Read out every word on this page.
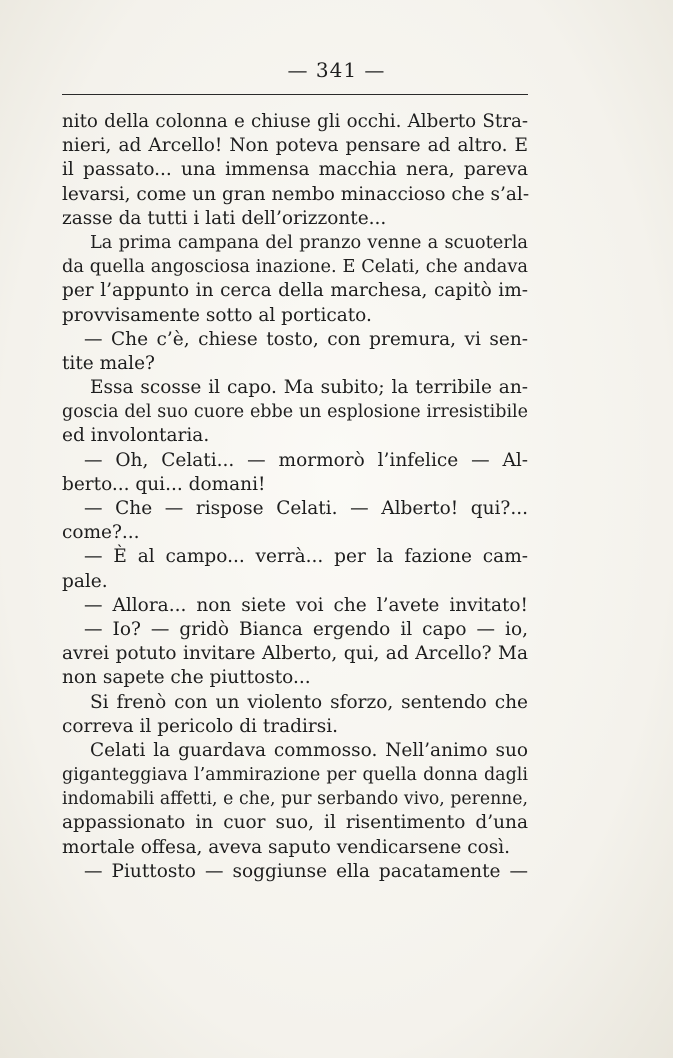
— 341 —
nito della colonna e chiuse gli occhi. Alberto Stra-
nieri, ad Arcello! Non poteva pensare ad altro. E
il passato... una immensa macchia nera, pareva
levarsi, come un gran nembo minaccioso che s’al-
zasse da tutti i lati dell’orizzonte...
La prima campana del pranzo venne a scuoterla
da quella angosciosa inazione. E Celati, che andava
per l’appunto in cerca della marchesa, capitò im-
provvisamente sotto al porticato.
— Che c’è, chiese tosto, con premura, vi sen-
tite male?
Essa scosse il capo. Ma subito; la terribile an-
goscia del suo cuore ebbe un esplosione irresistibile
ed involontaria.
— Oh, Celati... — mormorò l’infelice — Al-
berto... qui... domani!
— Che — rispose Celati. — Alberto! qui?...
come?...
— È al campo... verrà... per la fazione cam-
pale.
— Allora... non siete voi che l’avete invitato!
— Io? — gridò Bianca ergendo il capo — io,
avrei potuto invitare Alberto, qui, ad Arcello? Ma
non sapete che piuttosto...
Si frenò con un violento sforzo, sentendo che
correva il pericolo di tradirsi.
Celati la guardava commosso. Nell’animo suo
giganteggiava l’ammirazione per quella donna dagli
indomabili affetti, e che, pur serbando vivo, perenne,
appassionato in cuor suo, il risentimento d’una
mortale offesa, aveva saputo vendicarsene così.
— Piuttosto — soggiunse ella pacatamente —
